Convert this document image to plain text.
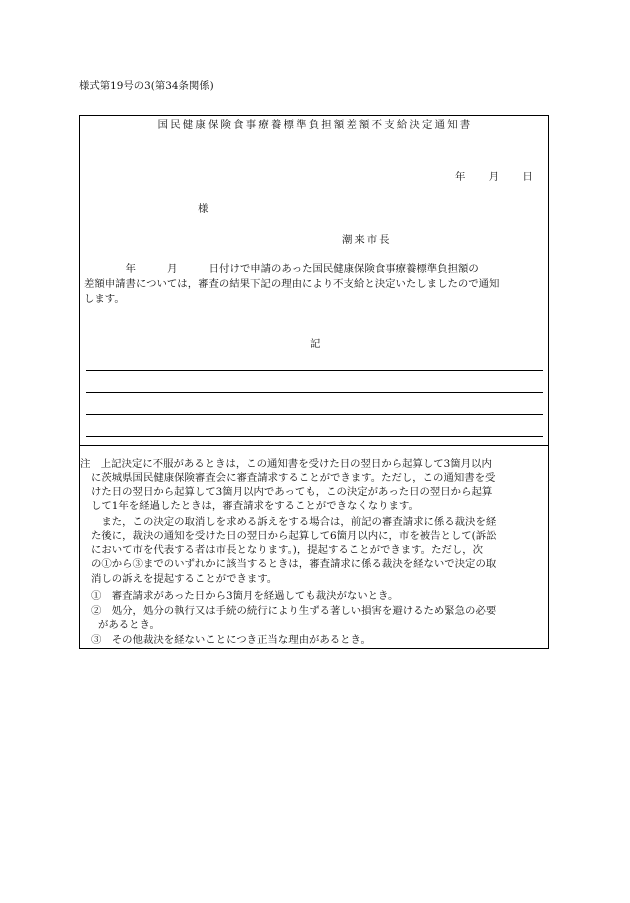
様式第19号の3(第34条関係)
国民健康保険食事療養標準負担額差額不支給決定通知書
年 月 日
様
潮来市長
　　　　年　　　月　　　日付けで申請のあった国民健康保険食事療養標準負担額の
差額申請書については，審査の結果下記の理由により不支給と決定いたしましたので通知
します。
記
注　上記決定に不服があるときは，この通知書を受けた日の翌日から起算して3箇月以内
に茨城県国民健康保険審査会に審査請求することができます。ただし，この通知書を受
けた日の翌日から起算して3箇月以内であっても，この決定があった日の翌日から起算
して1年を経過したときは，審査請求をすることができなくなります。
　また，この決定の取消しを求める訴えをする場合は，前記の審査請求に係る裁決を経
た後に，裁決の通知を受けた日の翌日から起算して6箇月以内に，市を被告として(訴訟
において市を代表する者は市長となります。)，提起することができます。ただし，次
の①から③までのいずれかに該当するときは，審査請求に係る裁決を経ないで決定の取
消しの訴えを提起することができます。
①　審査請求があった日から3箇月を経過しても裁決がないとき。
②　処分，処分の執行又は手続の続行により生ずる著しい損害を避けるため緊急の必要
があるとき。
③　その他裁決を経ないことにつき正当な理由があるとき。
